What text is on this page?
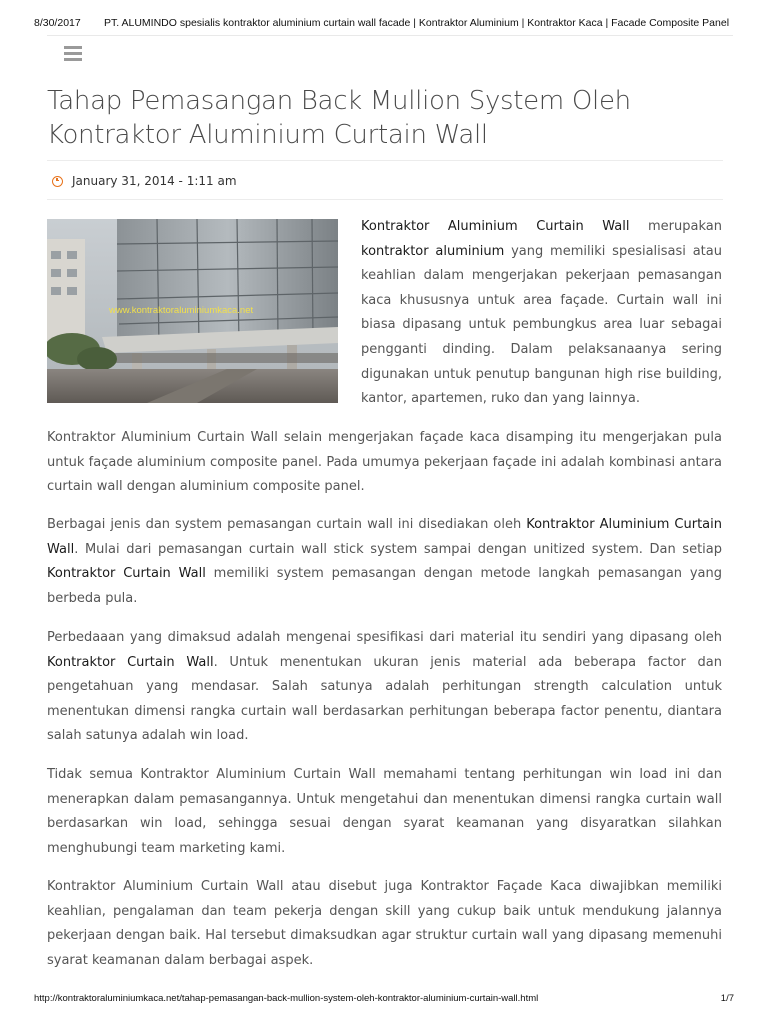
8/30/2017 PT. ALUMINDO spesialis kontraktor aluminium curtain wall facade | Kontraktor Aluminium | Kontraktor Kaca | Facade Composite Panel
Tahap Pemasangan Back Mullion System Oleh Kontraktor Aluminium Curtain Wall
January 31, 2014 - 1:11 am
www.kontraktoraluminiumkaca.net

Kontraktor Aluminium Curtain Wall merupakan kontraktor aluminium yang memiliki spesialisasi atau keahlian dalam mengerjakan pekerjaan pemasangan kaca khususnya untuk area façade. Curtain wall ini biasa dipasang untuk pembungkus area luar sebagai pengganti dinding. Dalam pelaksanaanya sering digunakan untuk penutup bangunan high rise building, kantor, apartemen, ruko dan yang lainnya.

Kontraktor Aluminium Curtain Wall selain mengerjakan façade kaca disamping itu mengerjakan pula untuk façade aluminium composite panel. Pada umumya pekerjaan façade ini adalah kombinasi antara curtain wall dengan aluminium composite panel.

Berbagai jenis dan system pemasangan curtain wall ini disediakan oleh Kontraktor Aluminium Curtain Wall. Mulai dari pemasangan curtain wall stick system sampai dengan unitized system. Dan setiap Kontraktor Curtain Wall memiliki system pemasangan dengan metode langkah pemasangan yang berbeda pula.

Perbedaaan yang dimaksud adalah mengenai spesifikasi dari material itu sendiri yang dipasang oleh Kontraktor Curtain Wall. Untuk menentukan ukuran jenis material ada beberapa factor dan pengetahuan yang mendasar. Salah satunya adalah perhitungan strength calculation untuk menentukan dimensi rangka curtain wall berdasarkan perhitungan beberapa factor penentu, diantara salah satunya adalah win load.

Tidak semua Kontraktor Aluminium Curtain Wall memahami tentang perhitungan win load ini dan menerapkan dalam pemasangannya. Untuk mengetahui dan menentukan dimensi rangka curtain wall berdasarkan win load, sehingga sesuai dengan syarat keamanan yang disyaratkan silahkan menghubungi team marketing kami.

Kontraktor Aluminium Curtain Wall atau disebut juga Kontraktor Façade Kaca diwajibkan memiliki keahlian, pengalaman dan team pekerja dengan skill yang cukup baik untuk mendukung jalannya pekerjaan dengan baik. Hal tersebut dimaksudkan agar struktur curtain wall yang dipasang memenuhi syarat keamanan dalam berbagai aspek.

http://kontraktoraluminiumkaca.net/tahap-pemasangan-back-mullion-system-oleh-kontraktor-aluminium-curtain-wall.html	1/7
